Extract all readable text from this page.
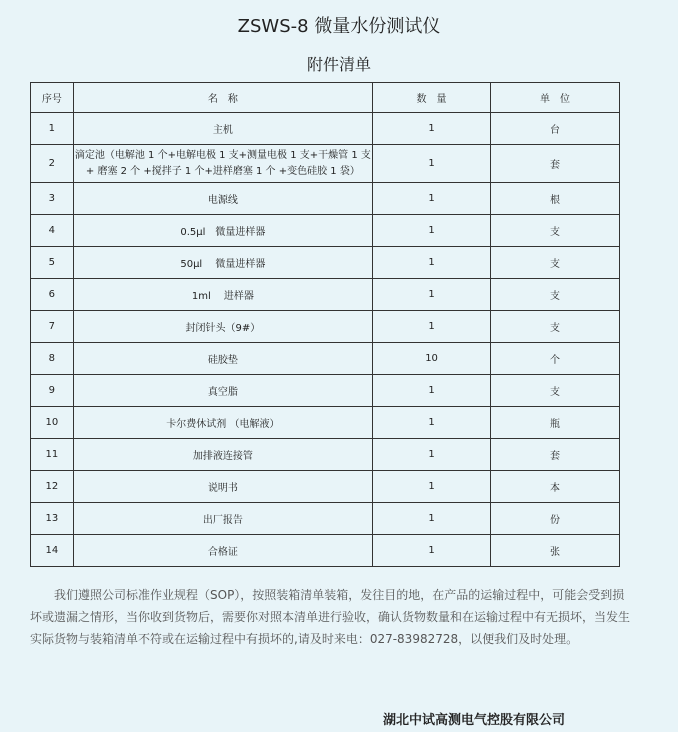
ZSWS-8 微量水份测试仪
附件清单
序号	名　称	数　量	单　位
1	主机	1	台
2	滴定池（电解池 1 个+电解电极 1 支+测量电极 1 支+干燥管 1 支 + 磨塞 2 个 +搅拌子 1 个+进样磨塞 1 个 +变色硅胶 1 袋）	1	套
3	电源线	1	根
4	0.5μl　微量进样器	1	支
5	50μl　 微量进样器	1	支
6	1ml　 进样器	1	支
7	封闭针头（9#）	1	支
8	硅胶垫	10	个
9	真空脂	1	支
10	卡尔费休试剂 （电解液）	1	瓶
11	加排液连接管	1	套
12	说明书	1	本
13	出厂报告	1	份
14	合格证	1	张

我们遵照公司标准作业规程（SOP），按照装箱清单装箱，发往目的地，在产品的运输过程中，可能会受到损坏或遗漏之情形，当你收到货物后，需要你对照本清单进行验收，确认货物数量和在运输过程中有无损坏，当发生实际货物与装箱清单不符或在运输过程中有损坏的,请及时来电：027-83982728，以便我们及时处理。

湖北中试高测电气控股有限公司
